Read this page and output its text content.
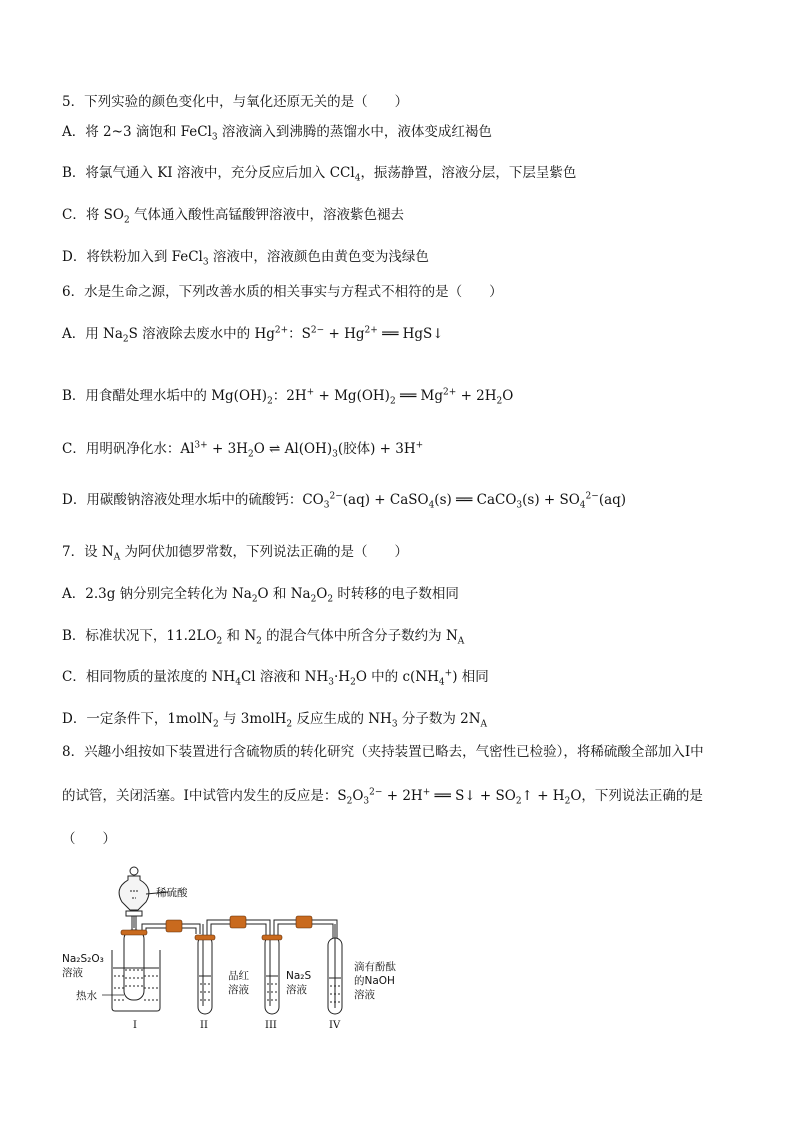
5．下列实验的颜色变化中，与氧化还原无关的是（　　）
A．将 2~3 滴饱和 FeCl$_3$ 溶液滴入到沸腾的蒸馏水中，液体变成红褐色
B．将氯气通入 KI 溶液中，充分反应后加入 CCl$_4$，振荡静置，溶液分层，下层呈紫色
C．将 $SO_2$ 气体通入酸性高锰酸钾溶液中，溶液紫色褪去
D．将铁粉加入到 FeCl$_3$ 溶液中，溶液颜色由黄色变为浅绿色
6．水是生命之源，下列改善水质的相关事实与方程式不相符的是（　　）
A．用 $Na_2S$ 溶液除去废水中的 $Hg^{2+}$：$S^{2-} + Hg^{2+}$ ══ HgS↓
B．用食醋处理水垢中的 $Mg(OH)_2$：$2H^+ + Mg(OH)_2$ ══ $Mg^{2+} + 2H_2O$
C．用明矾净化水：$Al^{3+} + 3H_2O$ ⇌ $Al(OH)_3$(胶体) + 3H+
D．用碳酸钠溶液处理水垢中的硫酸钙：$CO_3^{2-}(aq)$ + CaSO$_4$(s) ══ CaCO$_3$(s) + $SO_4^{2-}(aq)$
7．设 $N_A$ 为阿伏加德罗常数，下列说法正确的是（　　）
A．2.3g 钠分别完全转化为 $Na_2O$ 和 $Na_2O_2$ 时转移的电子数相同
B．标准状况下，$11.2LO_2$ 和 $N_2$ 的混合气体中所含分子数约为 $N_A$
C．相同物质的量浓度的 $NH_4Cl$ 溶液和 $NH_3\cdot H_2O$ 中的 $c(NH_4^+)$ 相同
D．一定条件下，1molN$_2$ 与 3molH$_2$ 反应生成的 $NH_3$ 分子数为 $2N_A$
8．兴趣小组按如下装置进行含硫物质的转化研究（夹持装置已略去，气密性已检验），将稀硫酸全部加入Ⅰ中
的试管，关闭活塞。Ⅰ中试管内发生的反应是：$S_2O_3^{2-} + 2H^+$ ══ S↓ + $SO_2↑ + H_2O$，下列说法正确的是
（　　）
稀硫酸
Na₂S₂O₃
溶液
热水
品红
溶液
Na₂S
溶液
滴有酚酞
的NaOH
溶液
I	II	III	IV
